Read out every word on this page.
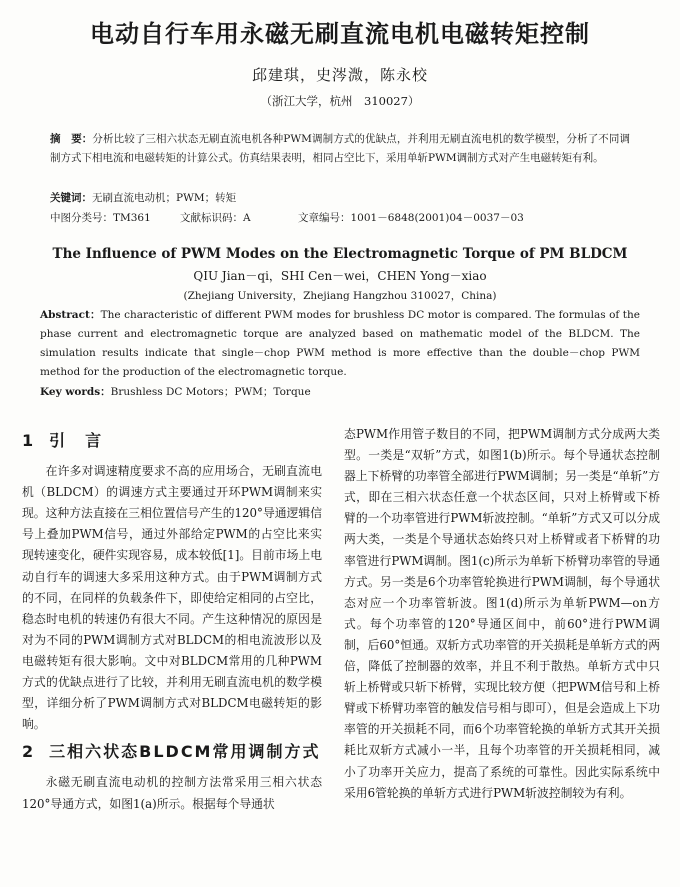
电动自行车用永磁无刷直流电机电磁转矩控制
邱建琪，史涔溦，陈永校
（浙江大学，杭州　310027）
摘　要：分析比较了三相六状态无刷直流电机各种PWM调制方式的优缺点，并利用无刷直流电机的数学模型，分析了不同调制方式下相电流和电磁转矩的计算公式。仿真结果表明，相同占空比下，采用单斩PWM调制方式对产生电磁转矩有利。
关键词：无刷直流电动机；PWM；转矩
中图分类号：TM361	文献标识码：A	文章编号：1001－6848(2001)04－0037－03
The Influence of PWM Modes on the Electromagnetic Torque of PM BLDCM
QIU Jian－qi，SHI Cen－wei，CHEN Yong－xiao
(Zhejiang University，Zhejiang Hangzhou 310027，China)
Abstract：The characteristic of different PWM modes for brushless DC motor is compared. The formulas of the phase current and electromagnetic torque are analyzed based on mathematic model of the BLDCM. The simulation results indicate that single－chop PWM method is more effective than the double－chop PWM method for the production of the electromagnetic torque.
Key words：Brushless DC Motors；PWM；Torque
1 引　言

在许多对调速精度要求不高的应用场合，无刷直流电机（BLDCM）的调速方式主要通过开环PWM调制来实现。这种方法直接在三相位置信号产生的120°导通逻辑信号上叠加PWM信号，通过外部给定PWM的占空比来实现转速变化，硬件实现容易，成本较低[1]。目前市场上电动自行车的调速大多采用这种方式。由于PWM调制方式的不同，在同样的负载条件下，即使给定相同的占空比，稳态时电机的转速仍有很大不同。产生这种情况的原因是对为不同的PWM调制方式对BLDCM的相电流波形以及电磁转矩有很大影响。文中对BLDCM常用的几种PWM方式的优缺点进行了比较，并利用无刷直流电机的数学模型，详细分析了PWM调制方式对BLDCM电磁转矩的影响。

2 三相六状态BLDCM常用调制方式

永磁无刷直流电动机的控制方法常采用三相六状态120°导通方式，如图1(a)所示。根据每个导通状

态PWM作用管子数目的不同，把PWM调制方式分成两大类型。一类是“双斩”方式，如图1(b)所示。每个导通状态控制器上下桥臂的功率管全部进行PWM调制；另一类是“单斩”方式，即在三相六状态任意一个状态区间，只对上桥臂或下桥臂的一个功率管进行PWM斩波控制。“单斩”方式又可以分成两大类，一类是个导通状态始终只对上桥臂或者下桥臂的功率管进行PWM调制。图1(c)所示为单斩下桥臂功率管的导通方式。另一类是6个功率管轮换进行PWM调制，每个导通状态对应一个功率管斩波。图1(d)所示为单斩PWM—on方式。每个功率管的120°导通区间中，前60°进行PWM调制，后60°恒通。双斩方式功率管的开关损耗是单斩方式的两倍，降低了控制器的效率，并且不利于散热。单斩方式中只斩上桥臂或只斩下桥臂，实现比较方便（把PWM信号和上桥臂或下桥臂功率管的触发信号相与即可），但是会造成上下功率管的开关损耗不同，而6个功率管轮换的单斩方式其开关损耗比双斩方式减小一半，且每个功率管的开关损耗相同，减小了功率开关应力，提高了系统的可靠性。因此实际系统中采用6管轮换的单斩方式进行PWM斩波控制较为有利。
